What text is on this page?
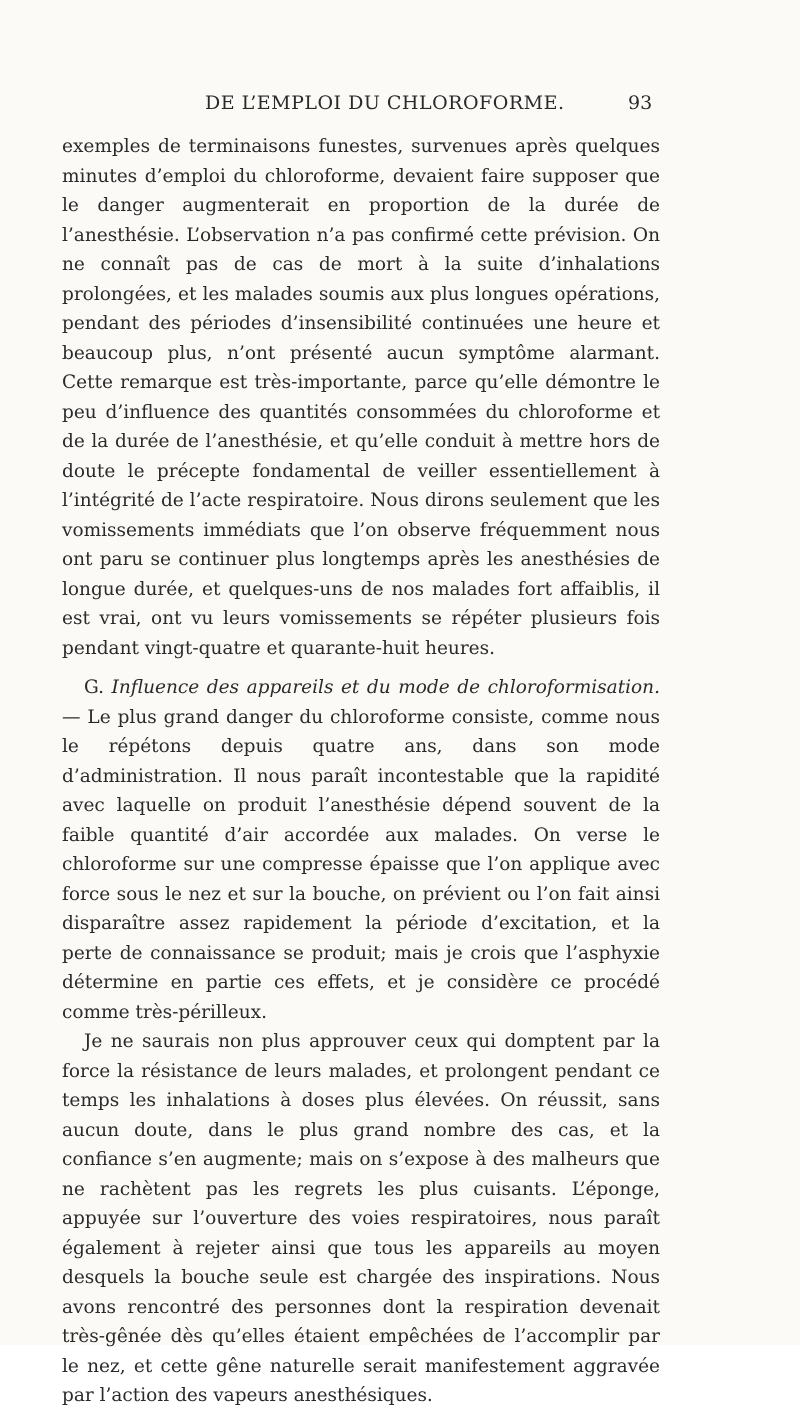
DE L’EMPLOI DU CHLOROFORME.	93

exemples de terminaisons funestes, survenues après quelques minutes d’emploi du chloroforme, devaient faire supposer que le danger augmenterait en proportion de la durée de l’anesthésie. L’observation n’a pas confirmé cette prévision. On ne connaît pas de cas de mort à la suite d’inhalations prolongées, et les malades soumis aux plus longues opérations, pendant des périodes d’insensibilité continuées une heure et beaucoup plus, n’ont présenté aucun symptôme alarmant. Cette remarque est très-importante, parce qu’elle démontre le peu d’influence des quantités consommées du chloroforme et de la durée de l’anesthésie, et qu’elle conduit à mettre hors de doute le précepte fondamental de veiller essentiellement à l’intégrité de l’acte respiratoire. Nous dirons seulement que les vomissements immédiats que l’on observe fréquemment nous ont paru se continuer plus longtemps après les anesthésies de longue durée, et quelques-uns de nos malades fort affaiblis, il est vrai, ont vu leurs vomissements se répéter plusieurs fois pendant vingt-quatre et quarante-huit heures.

G. Influence des appareils et du mode de chloroformisation. — Le plus grand danger du chloroforme consiste, comme nous le répétons depuis quatre ans, dans son mode d’administration. Il nous paraît incontestable que la rapidité avec laquelle on produit l’anesthésie dépend souvent de la faible quantité d’air accordée aux malades. On verse le chloroforme sur une compresse épaisse que l’on applique avec force sous le nez et sur la bouche, on prévient ou l’on fait ainsi disparaître assez rapidement la période d’excitation, et la perte de connaissance se produit; mais je crois que l’asphyxie détermine en partie ces effets, et je considère ce procédé comme très-périlleux.

Je ne saurais non plus approuver ceux qui domptent par la force la résistance de leurs malades, et prolongent pendant ce temps les inhalations à doses plus élevées. On réussit, sans aucun doute, dans le plus grand nombre des cas, et la confiance s’en augmente; mais on s’expose à des malheurs que ne rachètent pas les regrets les plus cuisants. L’éponge, appuyée sur l’ouverture des voies respiratoires, nous paraît également à rejeter ainsi que tous les appareils au moyen desquels la bouche seule est chargée des inspirations. Nous avons rencontré des personnes dont la respiration devenait très-gênée dès qu’elles étaient empêchées de l’accomplir par le nez, et cette gêne naturelle serait manifestement aggravée par l’action des vapeurs anesthésiques.
